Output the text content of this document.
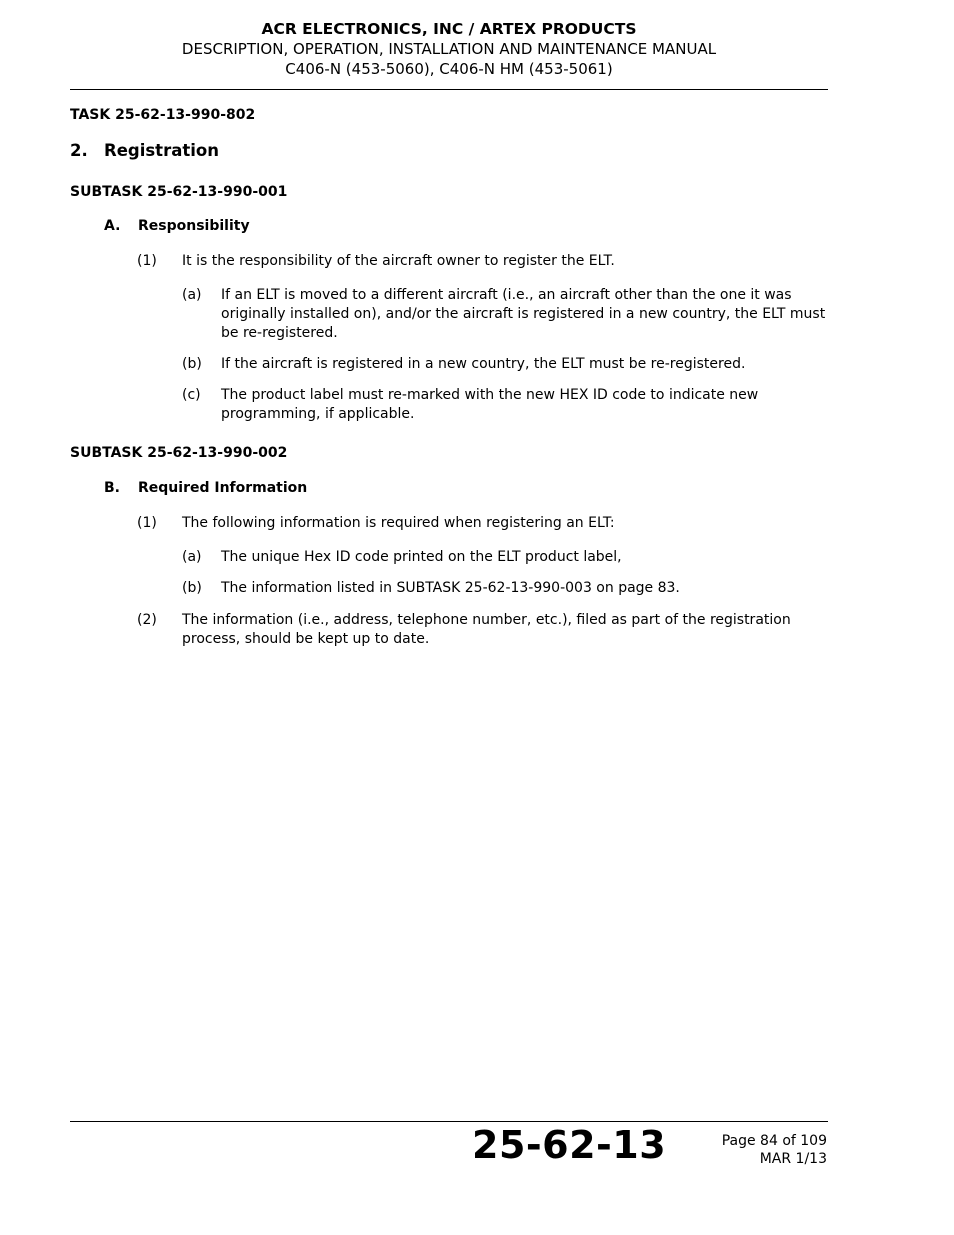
ACR ELECTRONICS, INC / ARTEX PRODUCTS
DESCRIPTION, OPERATION, INSTALLATION AND MAINTENANCE MANUAL
C406-N (453-5060), C406-N HM (453-5061)
TASK 25-62-13-990-802
2. Registration
SUBTASK 25-62-13-990-001
A. Responsibility
(1) It is the responsibility of the aircraft owner to register the ELT.
(a) If an ELT is moved to a different aircraft (i.e., an aircraft other than the one it was
originally installed on), and/or the aircraft is registered in a new country, the ELT must
be re-registered.
(b) If the aircraft is registered in a new country, the ELT must be re-registered.
(c) The product label must re-marked with the new HEX ID code to indicate new
programming, if applicable.
SUBTASK 25-62-13-990-002
B. Required Information
(1) The following information is required when registering an ELT:
(a) The unique Hex ID code printed on the ELT product label,
(b) The information listed in SUBTASK 25-62-13-990-003 on page 83.
(2) The information (i.e., address, telephone number, etc.), filed as part of the registration
process, should be kept up to date.
25-62-13	Page 84 of 109
MAR 1/13
